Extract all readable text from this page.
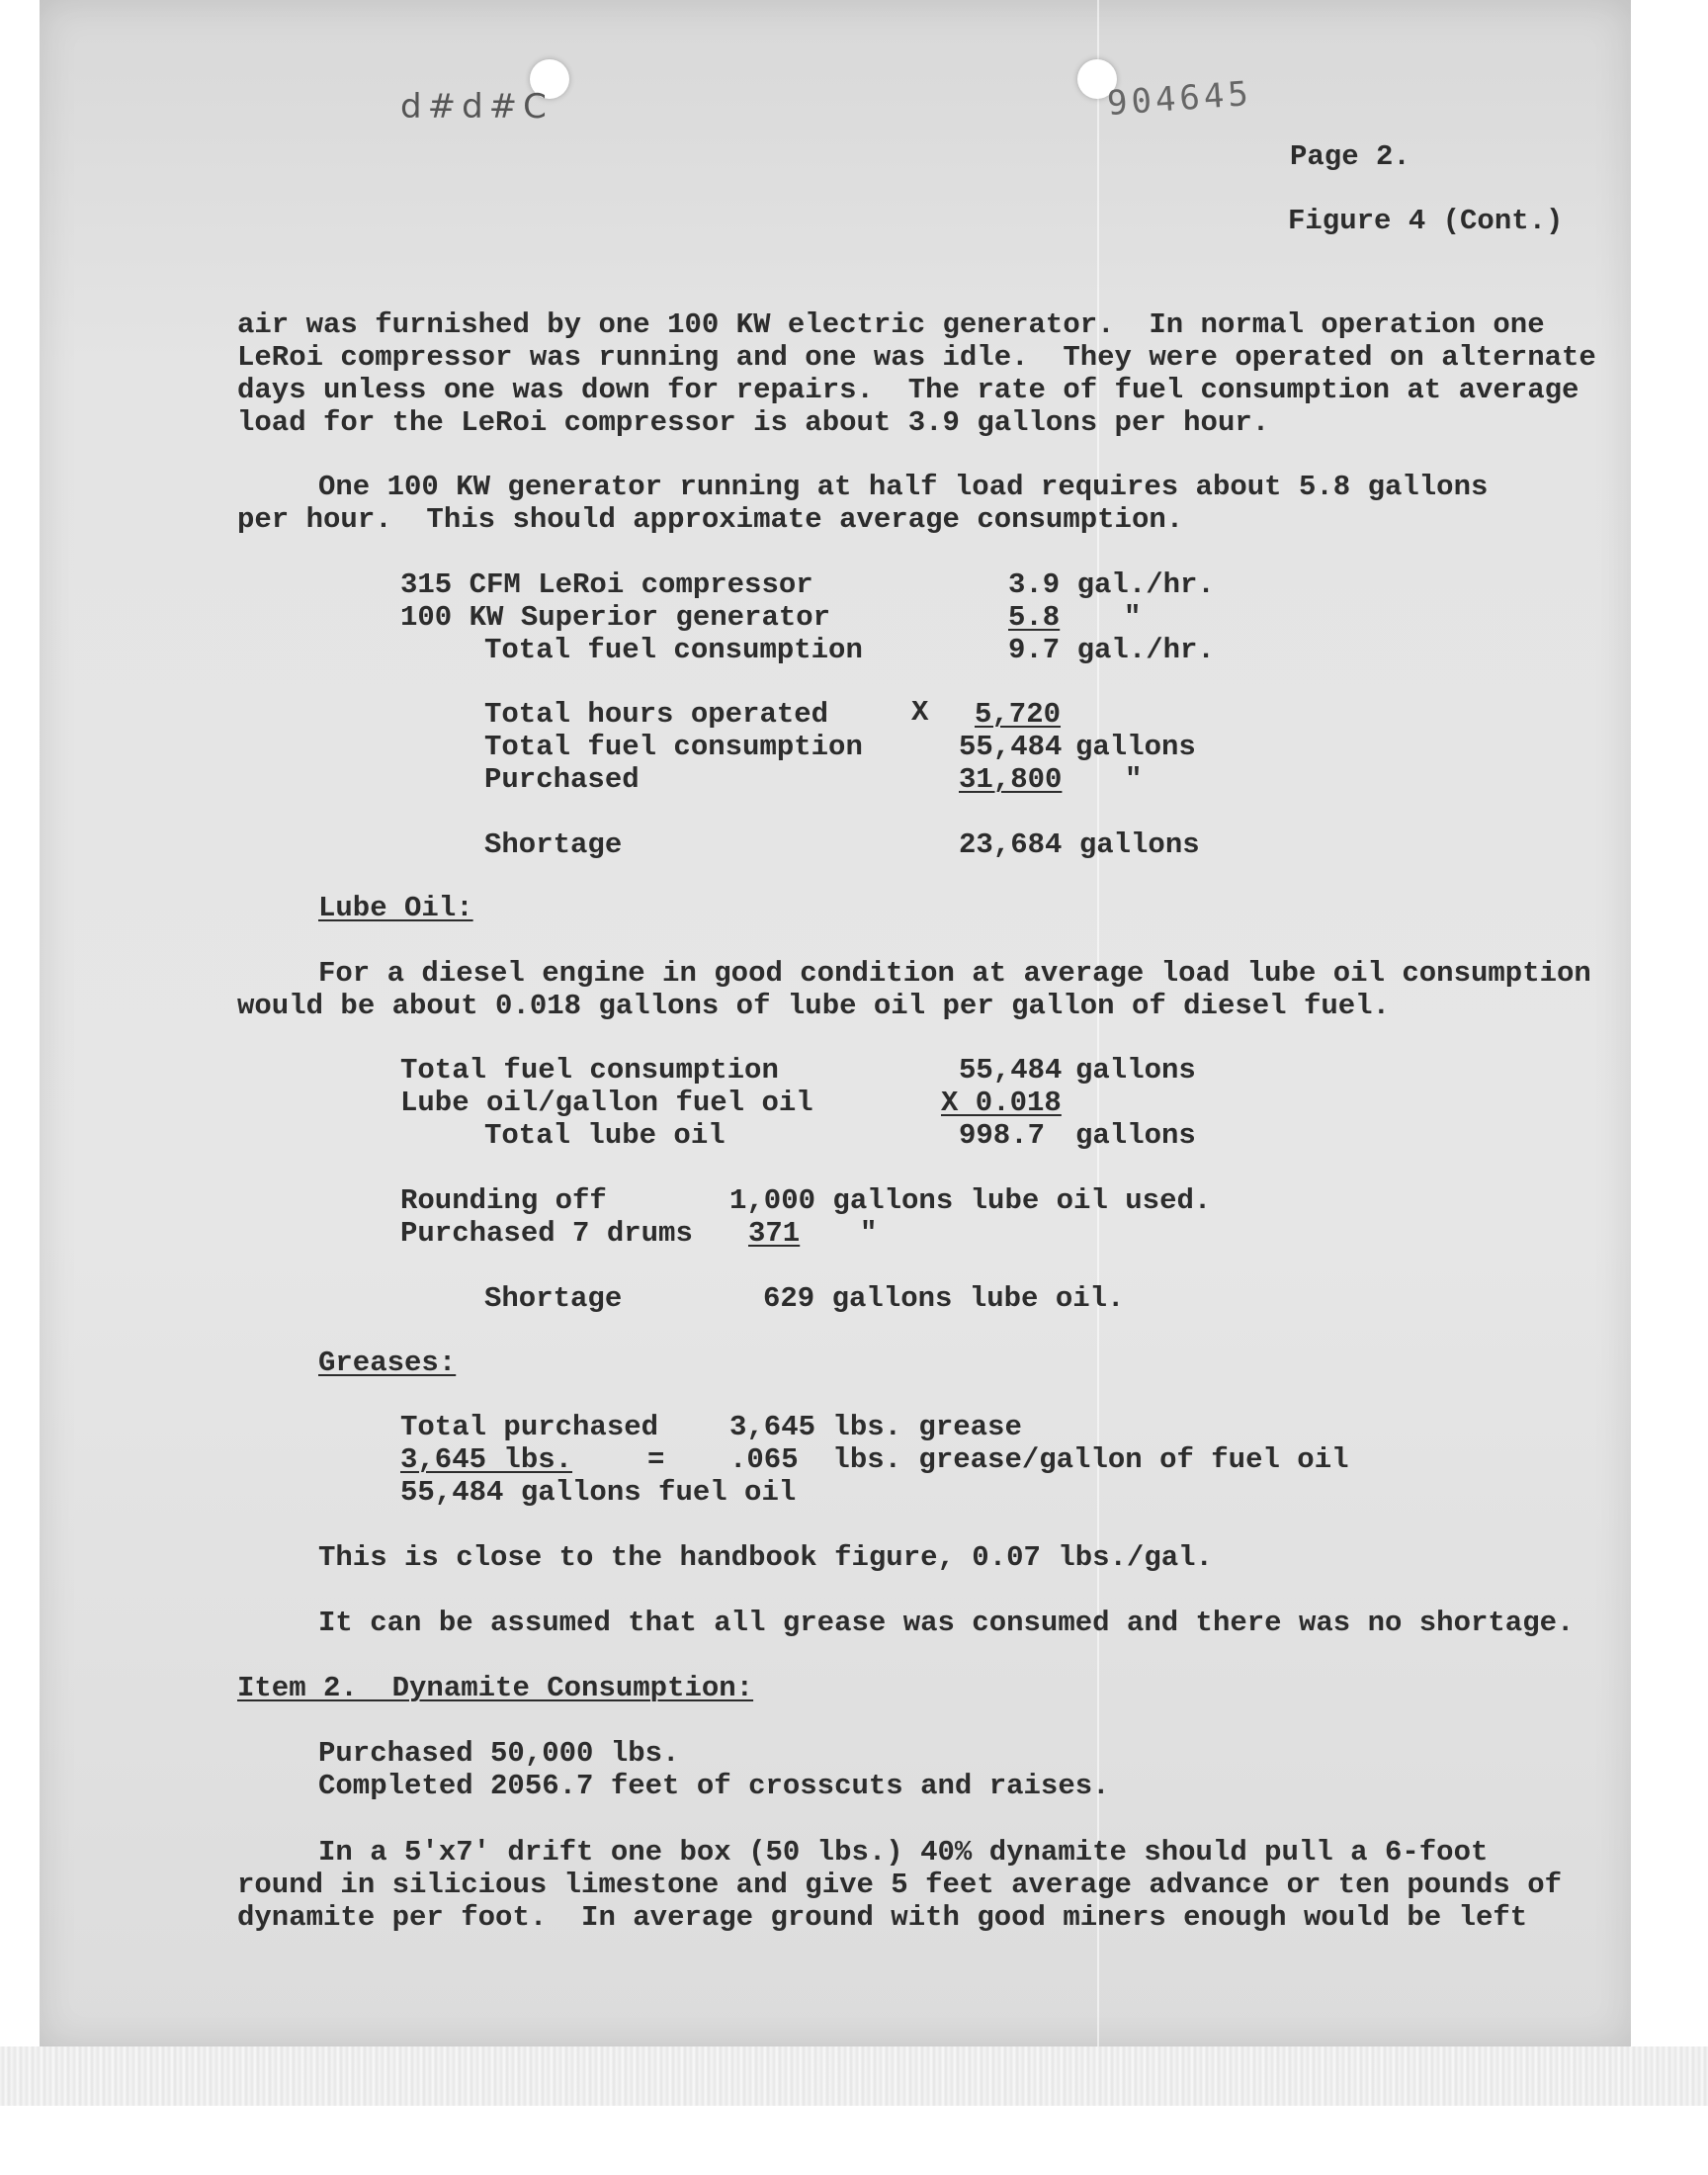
d#d#C	904645
Page 2.
Figure 4 (Cont.)
air was furnished by one 100 KW electric generator.  In normal operation one
LeRoi compressor was running and one was idle.  They were operated on alternate
days unless one was down for repairs.  The rate of fuel consumption at average
load for the LeRoi compressor is about 3.9 gallons per hour.
One 100 KW generator running at half load requires about 5.8 gallons
per hour.  This should approximate average consumption.
315 CFM LeRoi compressor	3.9 gal./hr.
100 KW Superior generator	5.8 "
Total fuel consumption	9.7 gal./hr.
Total hours operated	X 5,720
Total fuel consumption	55,484 gallons
Purchased	31,800 "
Shortage	23,684 gallons
Lube Oil:
For a diesel engine in good condition at average load lube oil consumption
would be about 0.018 gallons of lube oil per gallon of diesel fuel.
Total fuel consumption	55,484 gallons
Lube oil/gallon fuel oil	X 0.018
Total lube oil	998.7 gallons
Rounding off	1,000 gallons lube oil used.
Purchased 7 drums 371 "
Shortage	629 gallons lube oil.
Greases:
Total purchased 3,645 lbs. grease
3,645 lbs.	= .065  lbs. grease/gallon of fuel oil
55,484 gallons fuel oil
This is close to the handbook figure, 0.07 lbs./gal.
It can be assumed that all grease was consumed and there was no shortage.
Item 2.  Dynamite Consumption:
Purchased 50,000 lbs.
Completed 2056.7 feet of crosscuts and raises.
In a 5'x7' drift one box (50 lbs.) 40% dynamite should pull a 6-foot
round in silicious limestone and give 5 feet average advance or ten pounds of
dynamite per foot.  In average ground with good miners enough would be left
